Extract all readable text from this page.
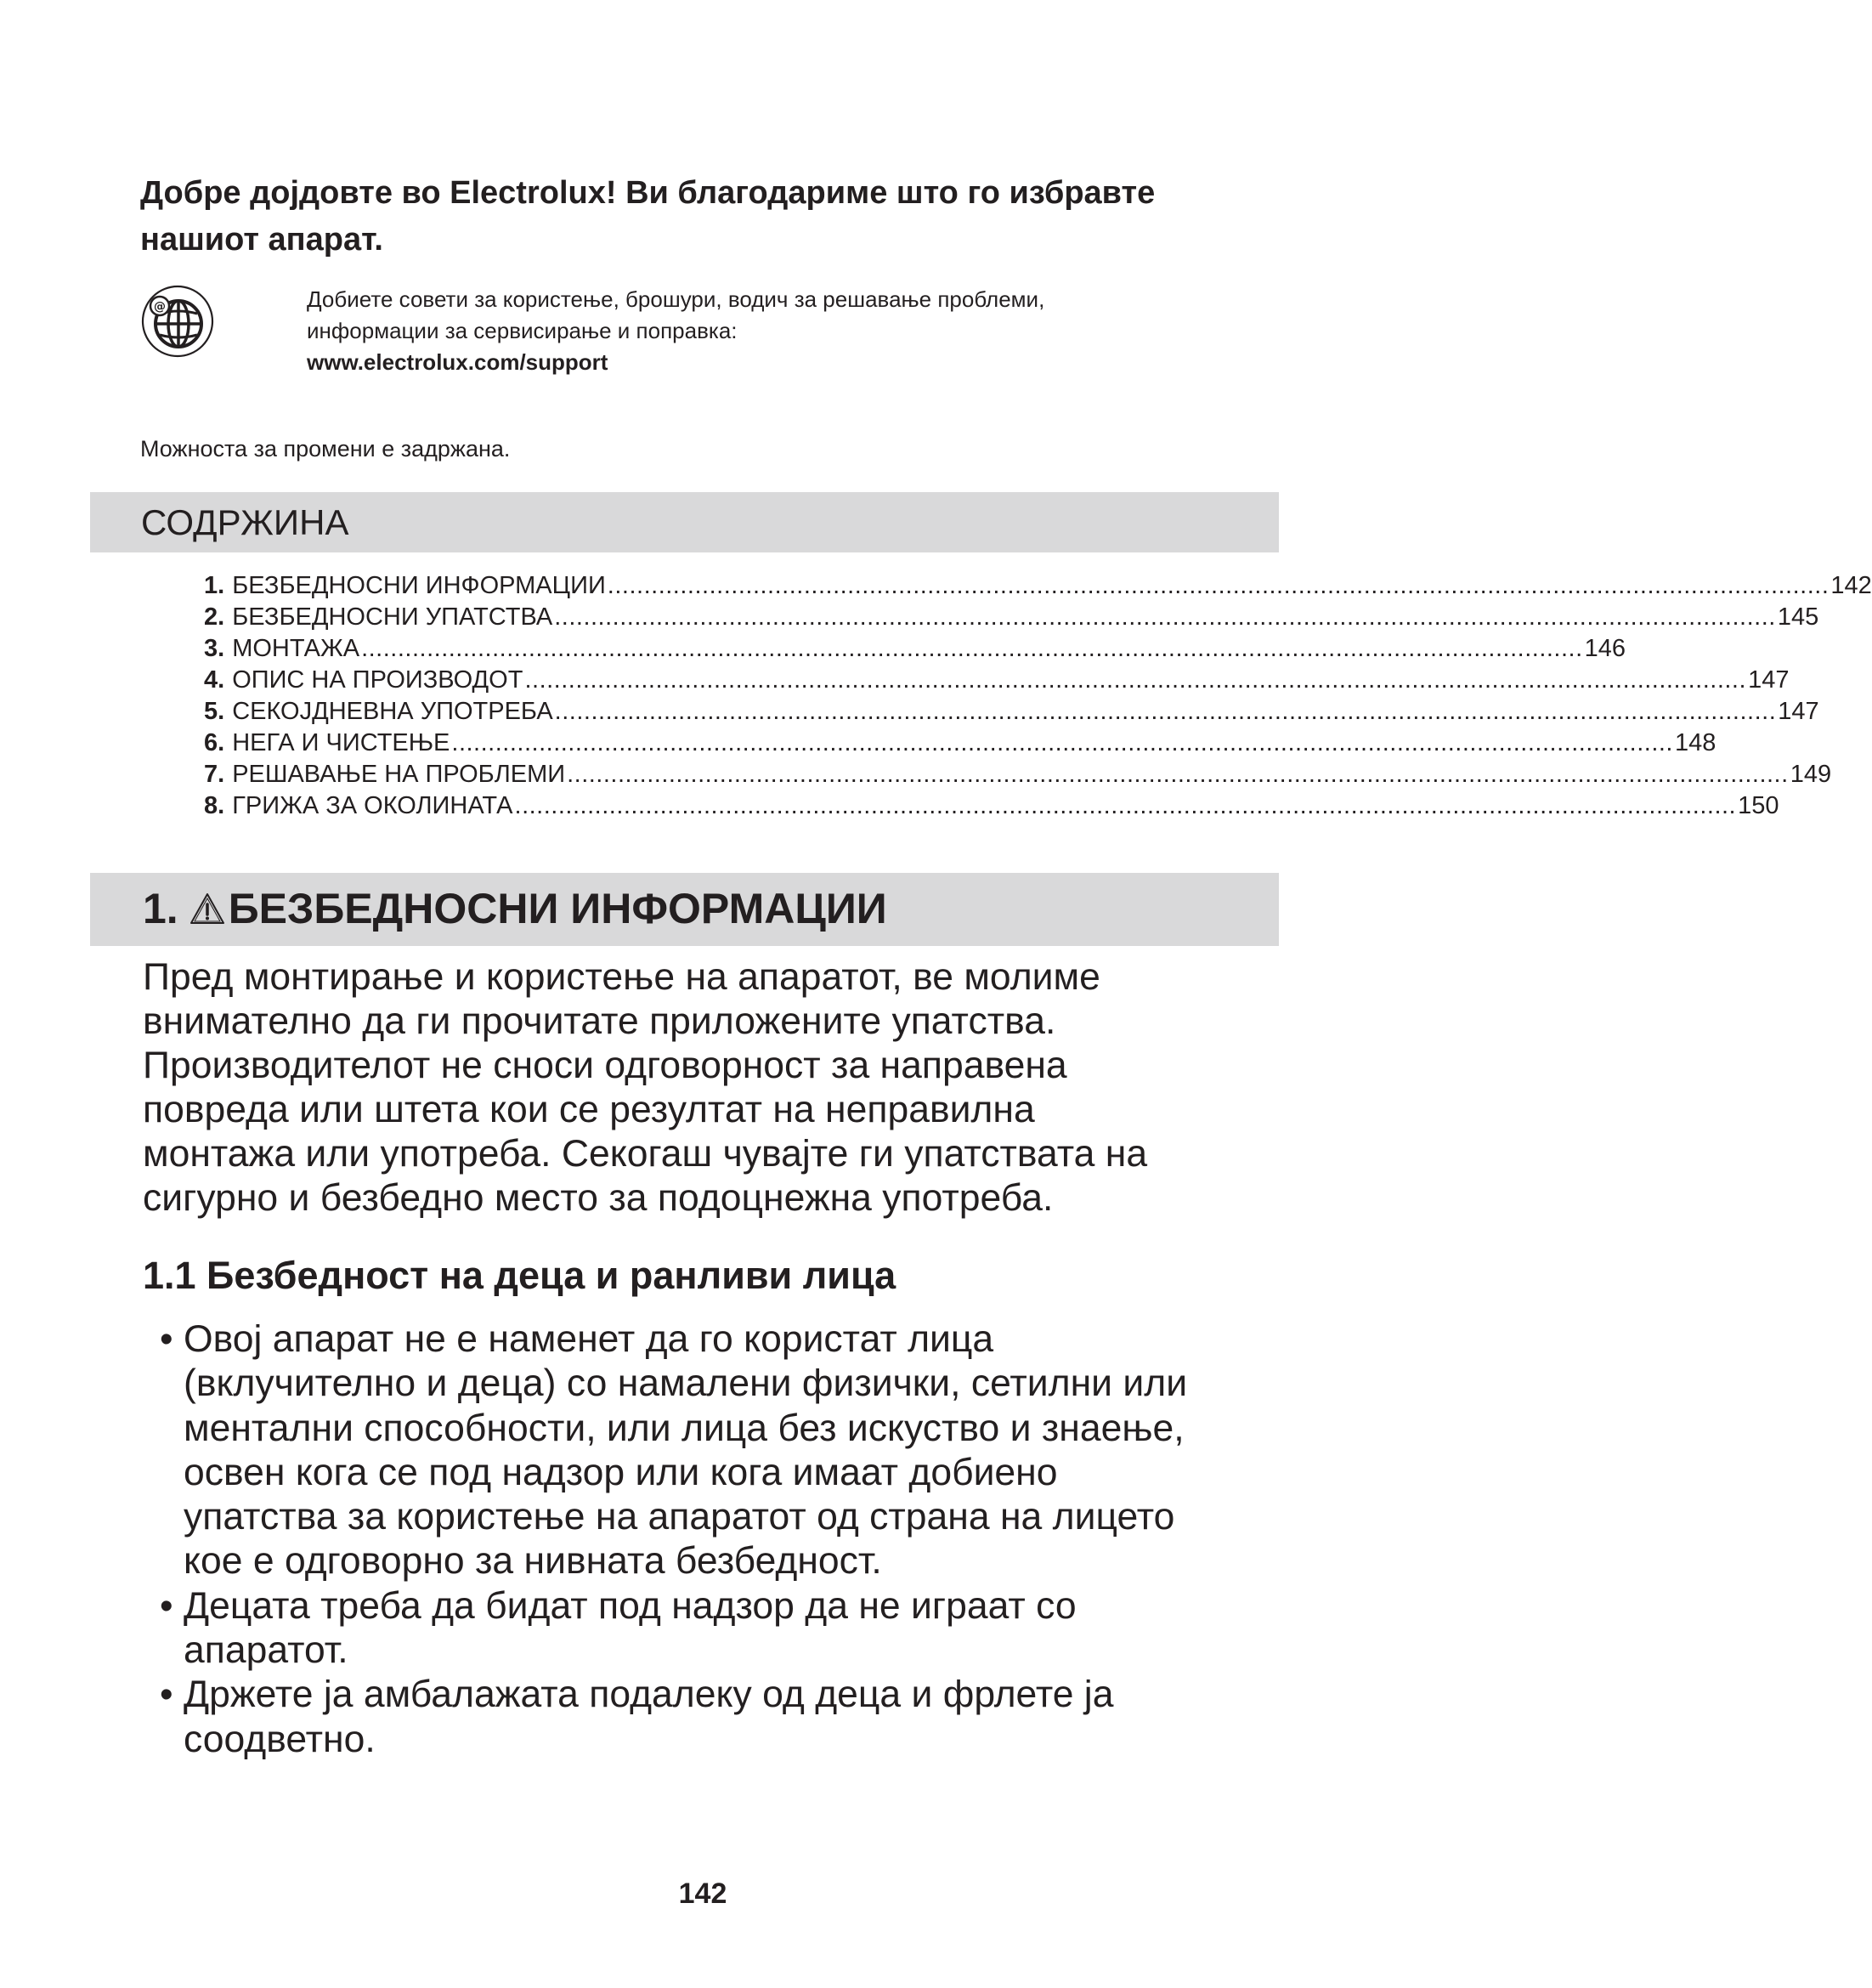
Добре дојдовте во Electrolux! Ви благодариме што го избравте
нашиот апарат.
@	Добиете совети за користење, брошури, водич за решавање проблеми,
информации за сервисирање и поправка:
www.electrolux.com/support
Можноста за промени е задржана.
СОДРЖИНА
1. БЕЗБЕДНОСНИ ИНФОРМАЦИИ ........................................................................................................................................................................ 142
2. БЕЗБЕДНОСНИ УПАТСТВА ........................................................................................................................................................................ 145
3. МОНТАЖА ........................................................................................................................................................................ 146
4. ОПИС НА ПРОИЗВОДОТ ........................................................................................................................................................................ 147
5. СЕКОЈДНЕВНА УПОТРЕБА ........................................................................................................................................................................ 147
6. НЕГА И ЧИСТЕЊЕ ........................................................................................................................................................................ 148
7. РЕШАВАЊЕ НА ПРОБЛЕМИ ........................................................................................................................................................................ 149
8. ГРИЖА ЗА ОКОЛИНАТА ........................................................................................................................................................................ 150
1. БЕЗБЕДНОСНИ ИНФОРМАЦИИ

Пред монтирање и користење на апаратот, ве молиме
внимателно да ги прочитате приложените упатства.
Производителот не сноси одговорност за направена
повреда или штета кои се резултат на неправилна
монтажа или употреба. Секогаш чувајте ги упатствата на
сигурно и безбедно место за подоцнежна употреба.

1.1 Безбедност на деца и ранливи лица
• Овој апарат не е наменет да го користат лица
(вклучително и деца) со намалени физички, сетилни или
ментални способности, или лица без искуство и знаење,
освен кога се под надзор или кога имаат добиено
упатства за користење на апаратот од страна на лицето
кое е одговорно за нивната безбедност.
• Децата треба да бидат под надзор да не играат со
апаратот.
• Држете ја амбалажата подалеку од деца и фрлете ја
соодветно.
142
